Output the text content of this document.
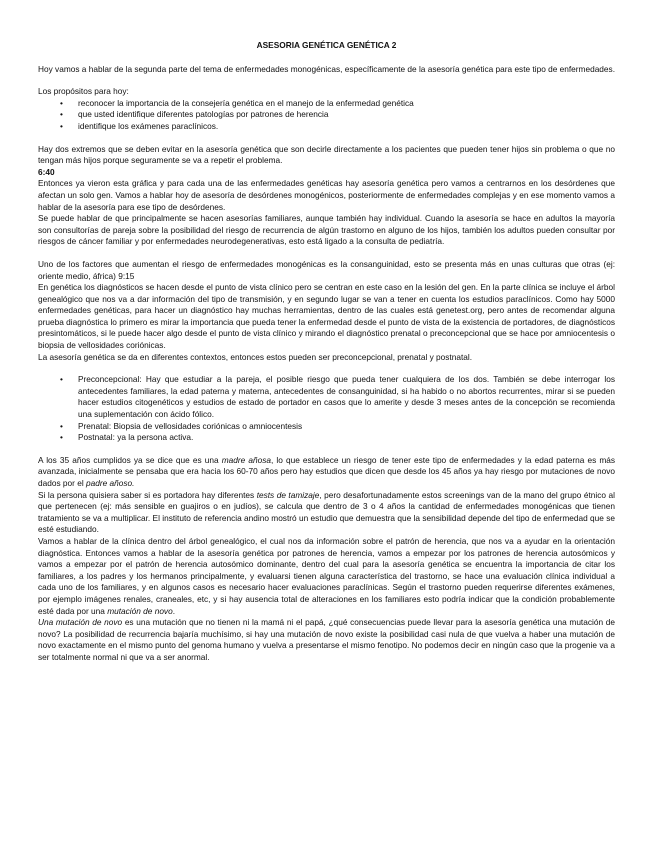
ASESORIA GENÉTICA GENÉTICA 2

Hoy vamos a hablar de la segunda parte del tema de enfermedades monogénicas, específicamente de la asesoría genética para este tipo de enfermedades.

Los propósitos para hoy:

• reconocer la importancia de la consejería genética en el manejo de la enfermedad genética
• que usted identifique diferentes patologías por patrones de herencia
• identifique los exámenes paraclínicos.

Hay dos extremos que se deben evitar en la asesoría genética que son decirle directamente a los pacientes que pueden tener hijos sin problema o que no tengan más hijos porque seguramente se va a repetir el problema.

6:40

Entonces ya vieron esta gráfica y para cada una de las enfermedades genéticas hay asesoría genética pero vamos a centrarnos en los desórdenes que afectan un solo gen. Vamos a hablar hoy de asesoría de desórdenes monogénicos, posteriormente de enfermedades complejas y en ese momento vamos a hablar de la asesoría para ese tipo de desórdenes.

Se puede hablar de que principalmente se hacen asesorías familiares, aunque también hay individual. Cuando la asesoría se hace en adultos la mayoría son consultorías de pareja sobre la posibilidad del riesgo de recurrencia de algún trastorno en alguno de los hijos, también los adultos pueden consultar por riesgos de cáncer familiar y por enfermedades neurodegenerativas, esto está ligado a la consulta de pediatría.

Uno de los factores que aumentan el riesgo de enfermedades monogénicas es la consanguinidad, esto se presenta más en unas culturas que otras (ej: oriente medio, áfrica) 9:15

En genética los diagnósticos se hacen desde el punto de vista clínico pero se centran en este caso en la lesión del gen. En la parte clínica se incluye el árbol genealógico que nos va a dar información del tipo de transmisión, y en segundo lugar se van a tener en cuenta los estudios paraclínicos. Como hay 5000 enfermedades genéticas, para hacer un diagnóstico hay muchas herramientas, dentro de las cuales está genetest.org, pero antes de recomendar alguna prueba diagnóstica lo primero es mirar la importancia que pueda tener la enfermedad desde el punto de vista de la existencia de portadores, de diagnósticos presintomáticos, si le puede hacer algo desde el punto de vista clínico y mirando el diagnóstico prenatal o preconcepcional que se hace por amniocentesis o biopsia de vellosidades coriónicas.

La asesoría genética se da en diferentes contextos, entonces estos pueden ser preconcepcional, prenatal y postnatal.

• Preconcepcional: Hay que estudiar a la pareja, el posible riesgo que pueda tener cualquiera de los dos. También se debe interrogar los antecedentes familiares, la edad paterna y materna, antecedentes de consanguinidad, si ha habido o no abortos recurrentes, mirar si se pueden hacer estudios citogenéticos y estudios de estado de portador en casos que lo amerite y desde 3 meses antes de la concepción se recomienda una suplementación con ácido fólico.
• Prenatal: Biopsia de vellosidades coriónicas o amniocentesis
• Postnatal: ya la persona activa.

A los 35 años cumplidos ya se dice que es una madre añosa, lo que establece un riesgo de tener este tipo de enfermedades y la edad paterna es más avanzada, inicialmente se pensaba que era hacia los 60-70 años pero hay estudios que dicen que desde los 45 años ya hay riesgo por mutaciones de novo dados por el padre añoso.

Si la persona quisiera saber si es portadora hay diferentes tests de tamizaje, pero desafortunadamente estos screenings van de la mano del grupo étnico al que pertenecen (ej: más sensible en guajiros o en judíos), se calcula que dentro de 3 o 4 años la cantidad de enfermedades monogénicas que tienen tratamiento se va a multiplicar. El instituto de referencia andino mostró un estudio que demuestra que la sensibilidad depende del tipo de enfermedad que se esté estudiando.

Vamos a hablar de la clínica dentro del árbol genealógico, el cual nos da información sobre el patrón de herencia, que nos va a ayudar en la orientación diagnóstica. Entonces vamos a hablar de la asesoría genética por patrones de herencia, vamos a empezar por los patrones de herencia autosómicos y vamos a empezar por el patrón de herencia autosómico dominante, dentro del cual para la asesoría genética se encuentra la importancia de citar los familiares, a los padres y los hermanos principalmente, y evaluarsi tienen alguna característica del trastorno, se hace una evaluación clínica individual a cada uno de los familiares, y en algunos casos es necesario hacer evaluaciones paraclínicas. Según el trastorno pueden requerirse diferentes exámenes, por ejemplo imágenes renales, craneales, etc, y si hay ausencia total de alteraciones en los familiares esto podría indicar que la condición probablemente esté dada por una mutación de novo.

Una mutación de novo es una mutación que no tienen ni la mamá ni el papá, ¿qué consecuencias puede llevar para la asesoría genética una mutación de novo? La posibilidad de recurrencia bajaría muchísimo, si hay una mutación de novo existe la posibilidad casi nula de que vuelva a haber una mutación de novo exactamente en el mismo punto del genoma humano y vuelva a presentarse el mismo fenotipo. No podemos decir en ningún caso que la progenie va a ser totalmente normal ni que va a ser anormal.
